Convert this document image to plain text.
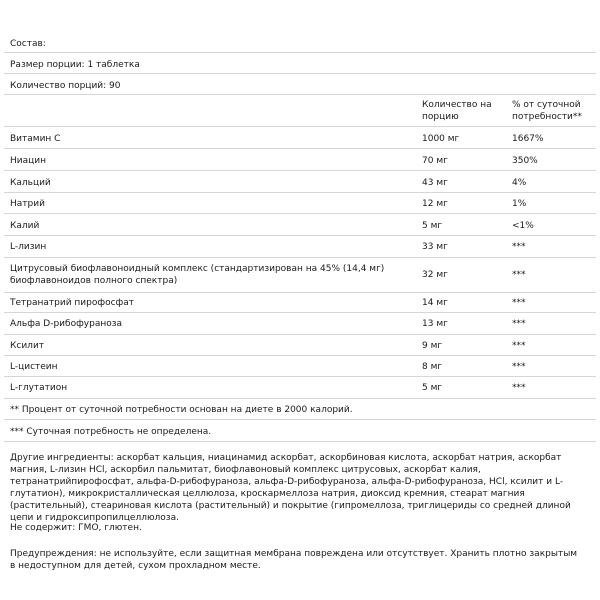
Состав:
Размер порции: 1 таблетка
Количество порций: 90
Количество на
порцию
% от суточной
потребности**
Витамин C	1000 мг	1667%
Ниацин	70 мг	350%
Кальций	43 мг	4%
Натрий	12 мг	1%
Калий	5 мг	<1%
L-лизин	33 мг	***
Цитрусовый биофлавоноидный комплекс (стандартизирован на 45% (14,4 мг)
биофлавоноидов полного спектра)
32 мг	***
Тетранатрий пирофосфат	14 мг	***
Альфа D-рибофураноза	13 мг	***
Ксилит	9 мг	***
L-цистеин	8 мг	***
L-глутатион	5 мг	***
** Процент от суточной потребности основан на диете в 2000 калорий.
*** Суточная потребность не определена.
Другие ингредиенты: аскорбат кальция, ниацинамид аскорбат, аскорбиновая кислота, аскорбат натрия, аскорбат магния, L-лизин HCl, аскорбил пальмитат, биофлавоновый комплекс цитрусовых, аскорбат калия, тетранатрийпирофосфат, альфа-D-рибофураноза, альфа-D-рибофураноза, альфа-D-рибофураноза, HCl, ксилит и L-глутатион), микрокристаллическая целлюлоза, кроскармеллоза натрия, диоксид кремния, стеарат магния (растительный), стеариновая кислота (растительный) и покрытие (гипромеллоза, триглицериды со средней длиной цепи и гидроксипропилцеллюлоза.
Не содержит: ГМО, глютен.
Предупреждения: не используйте, если защитная мембрана повреждена или отсутствует. Хранить плотно закрытым в недоступном для детей, сухом прохладном месте.
